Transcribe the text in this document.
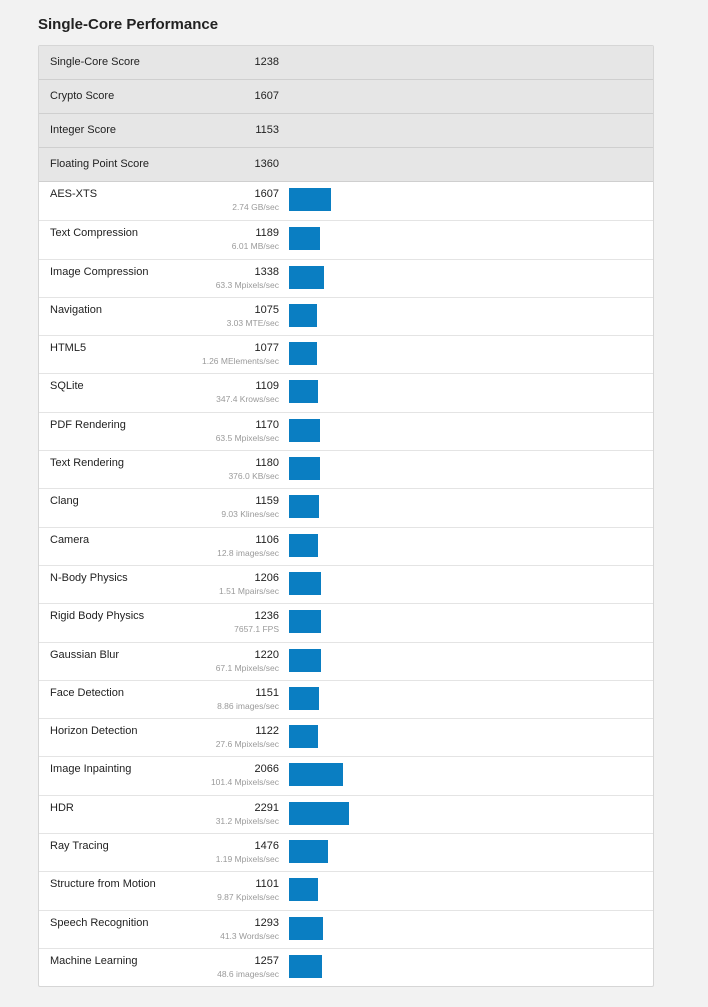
Single-Core Performance
Single-Core Score	1238
Crypto Score	1607
Integer Score	1153
Floating Point Score	1360
AES-XTS	1607
2.74 GB/sec
Text Compression	1189
6.01 MB/sec
Image Compression	1338
63.3 Mpixels/sec
Navigation	1075
3.03 MTE/sec
HTML5	1077
1.26 MElements/sec
SQLite	1109
347.4 Krows/sec
PDF Rendering	1170
63.5 Mpixels/sec
Text Rendering	1180
376.0 KB/sec
Clang	1159
9.03 Klines/sec
Camera	1106
12.8 images/sec
N-Body Physics	1206
1.51 Mpairs/sec
Rigid Body Physics	1236
7657.1 FPS
Gaussian Blur	1220
67.1 Mpixels/sec
Face Detection	1151
8.86 images/sec
Horizon Detection	1122
27.6 Mpixels/sec
Image Inpainting	2066
101.4 Mpixels/sec
HDR	2291
31.2 Mpixels/sec
Ray Tracing	1476
1.19 Mpixels/sec
Structure from Motion	1101
9.87 Kpixels/sec
Speech Recognition	1293
41.3 Words/sec
Machine Learning	1257
48.6 images/sec
